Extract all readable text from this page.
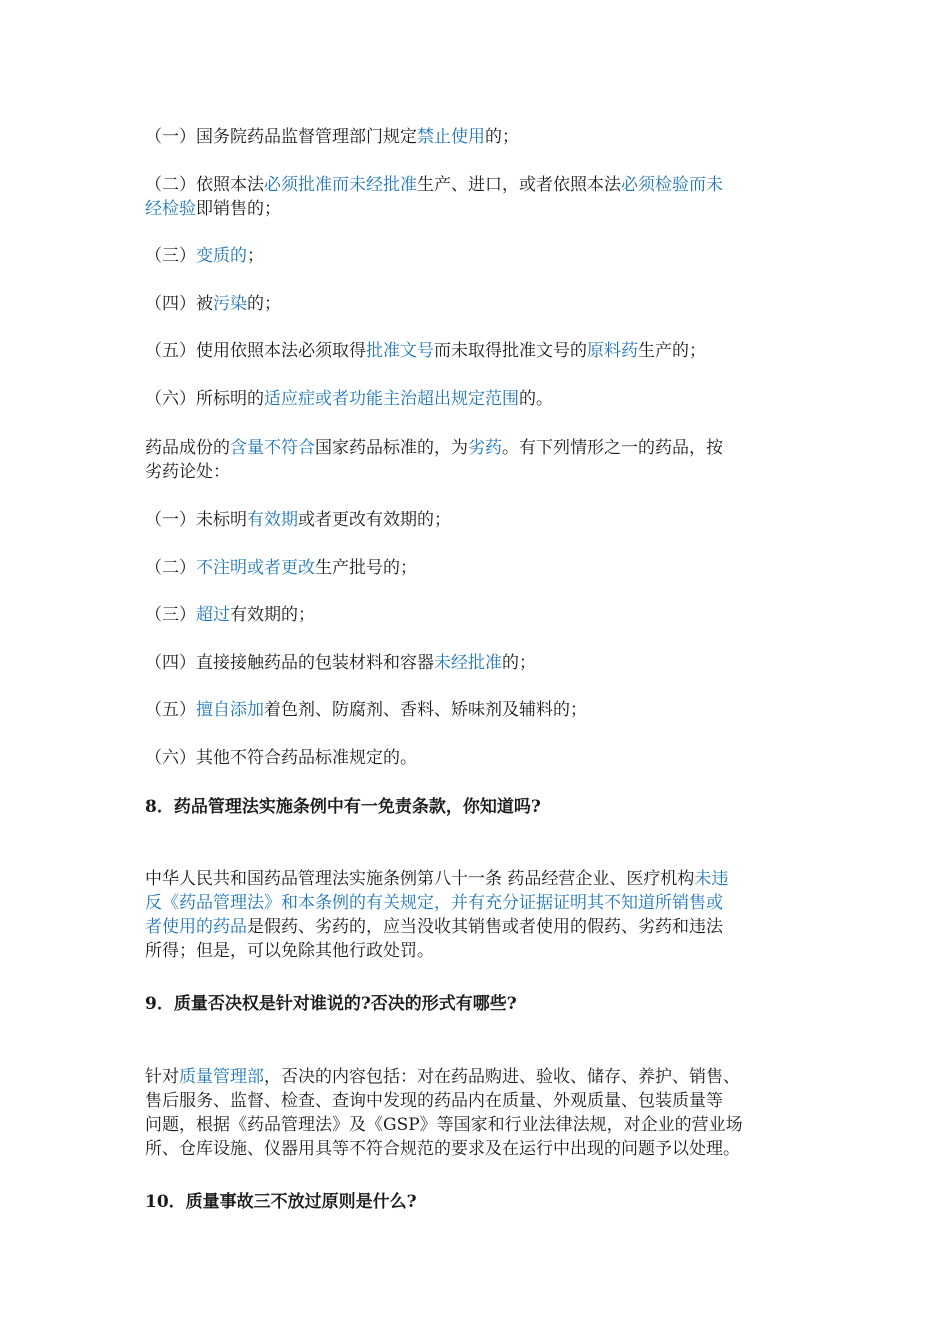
（一）国务院药品监督管理部门规定禁止使用的；
（二）依照本法必须批准而未经批准生产、进口，或者依照本法必须检验而未
经检验即销售的；
（三）变质的；
（四）被污染的；
（五）使用依照本法必须取得批准文号而未取得批准文号的原料药生产的；
（六）所标明的适应症或者功能主治超出规定范围的。
药品成份的含量不符合国家药品标准的，为劣药。有下列情形之一的药品，按
劣药论处：
（一）未标明有效期或者更改有效期的；
（二）不注明或者更改生产批号的；
（三）超过有效期的；
（四）直接接触药品的包装材料和容器未经批准的；
（五）擅自添加着色剂、防腐剂、香料、矫味剂及辅料的；
（六）其他不符合药品标准规定的。
8．药品管理法实施条例中有一免责条款，你知道吗?
中华人民共和国药品管理法实施条例第八十一条 药品经营企业、医疗机构未违
反《药品管理法》和本条例的有关规定，并有充分证据证明其不知道所销售或
者使用的药品是假药、劣药的，应当没收其销售或者使用的假药、劣药和违法
所得；但是，可以免除其他行政处罚。
9．质量否决权是针对谁说的?否决的形式有哪些?
针对质量管理部，否决的内容包括：对在药品购进、验收、储存、养护、销售、
售后服务、监督、检查、查询中发现的药品内在质量、外观质量、包装质量等
问题，根据《药品管理法》及《GSP》等国家和行业法律法规，对企业的营业场
所、仓库设施、仪器用具等不符合规范的要求及在运行中出现的问题予以处理。
10．质量事故三不放过原则是什么?
